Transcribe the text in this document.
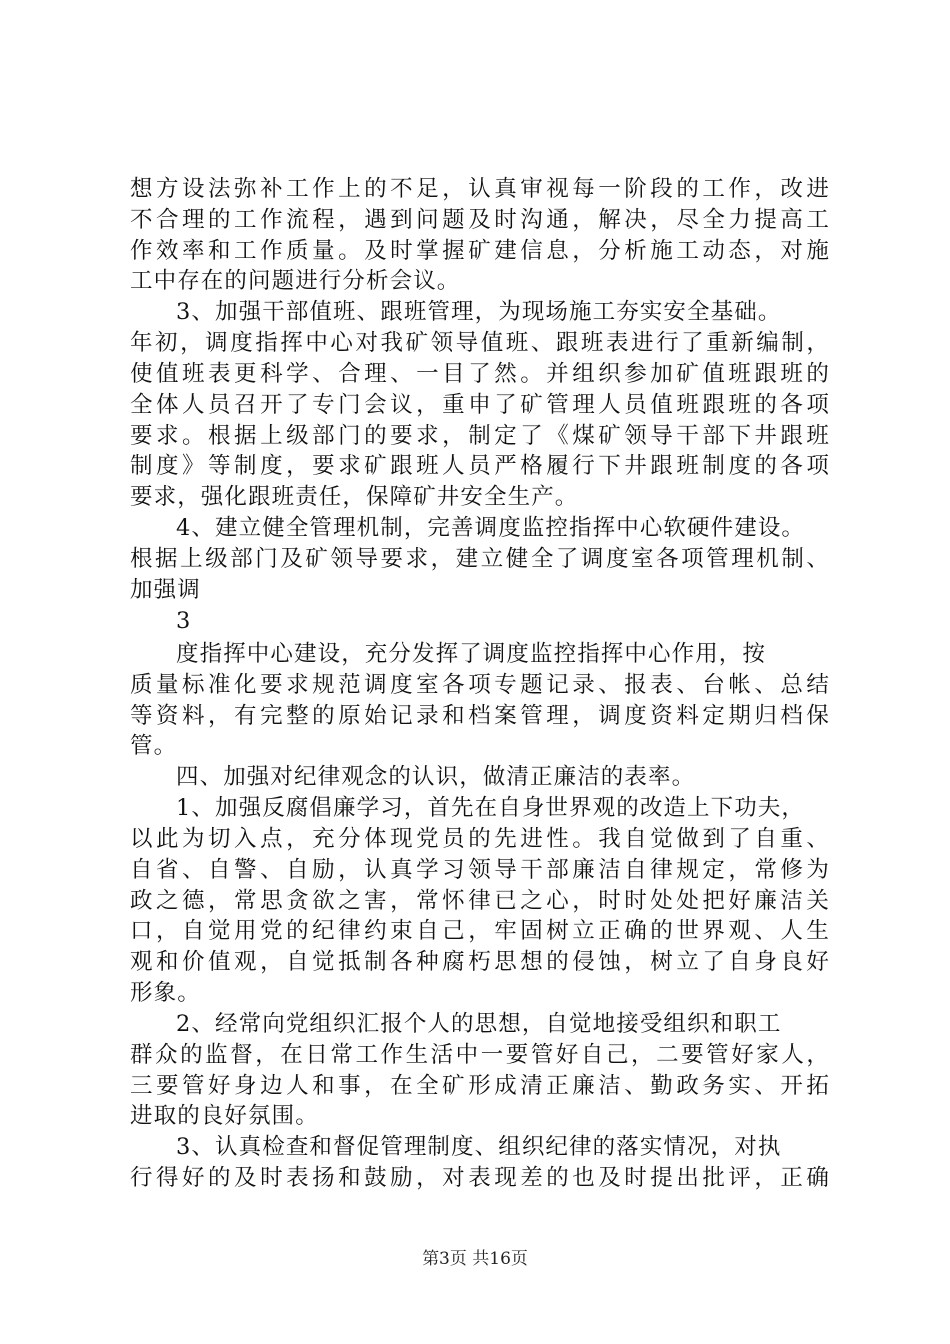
想方设法弥补工作上的不足，认真审视每一阶段的工作，改进
不合理的工作流程，遇到问题及时沟通，解决，尽全力提高工
作效率和工作质量。及时掌握矿建信息，分析施工动态，对施
工中存在的问题进行分析会议。
3、加强干部值班、跟班管理，为现场施工夯实安全基础。
年初，调度指挥中心对我矿领导值班、跟班表进行了重新编制，
使值班表更科学、合理、一目了然。并组织参加矿值班跟班的
全体人员召开了专门会议，重申了矿管理人员值班跟班的各项
要求。根据上级部门的要求，制定了《煤矿领导干部下井跟班
制度》等制度，要求矿跟班人员严格履行下井跟班制度的各项
要求，强化跟班责任，保障矿井安全生产。
4、建立健全管理机制，完善调度监控指挥中心软硬件建设。
根据上级部门及矿领导要求，建立健全了调度室各项管理机制、
加强调
3
度指挥中心建设，充分发挥了调度监控指挥中心作用，按
质量标准化要求规范调度室各项专题记录、报表、台帐、总结
等资料，有完整的原始记录和档案管理，调度资料定期归档保
管。
四、加强对纪律观念的认识，做清正廉洁的表率。
1、加强反腐倡廉学习，首先在自身世界观的改造上下功夫，
以此为切入点，充分体现党员的先进性。我自觉做到了自重、
自省、自警、自励，认真学习领导干部廉洁自律规定，常修为
政之德，常思贪欲之害，常怀律已之心，时时处处把好廉洁关
口，自觉用党的纪律约束自己，牢固树立正确的世界观、人生
观和价值观，自觉抵制各种腐朽思想的侵蚀，树立了自身良好
形象。
2、经常向党组织汇报个人的思想，自觉地接受组织和职工
群众的监督，在日常工作生活中一要管好自己，二要管好家人，
三要管好身边人和事，在全矿形成清正廉洁、勤政务实、开拓
进取的良好氛围。
3、认真检查和督促管理制度、组织纪律的落实情况，对执
行得好的及时表扬和鼓励，对表现差的也及时提出批评，正确
第3页 共16页
